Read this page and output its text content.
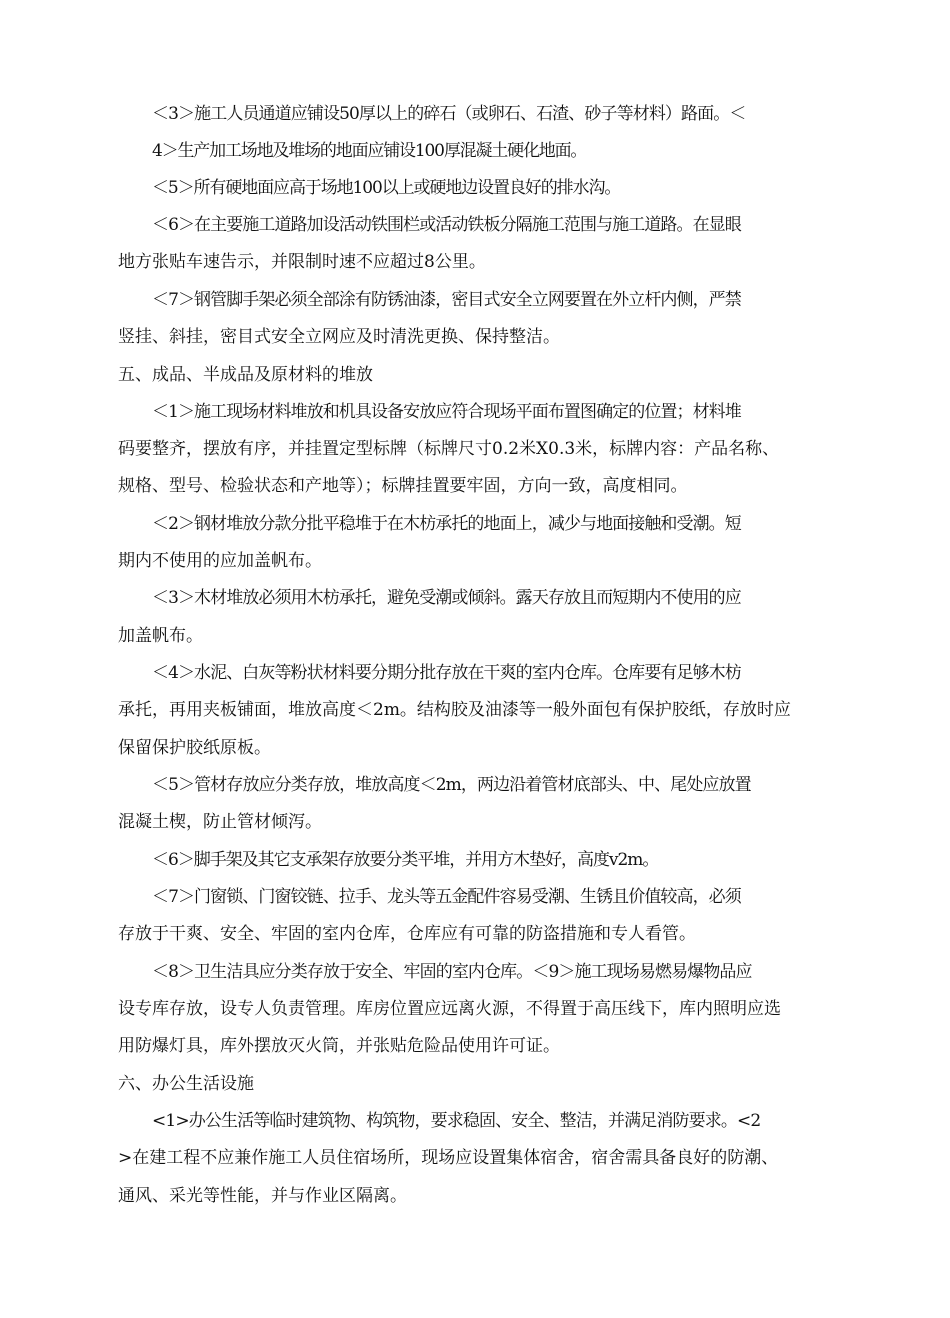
＜3＞施工人员通道应铺设50厚以上的碎石（或卵石、石渣、砂子等材料）路面。＜
4＞生产加工场地及堆场的地面应铺设100厚混凝土硬化地面。
＜5＞所有硬地面应高于场地100以上或硬地边设置良好的排水沟。
＜6＞在主要施工道路加设活动铁围栏或活动铁板分隔施工范围与施工道路。在显眼
地方张贴车速告示，并限制时速不应超过8公里。
＜7＞钢管脚手架必须全部涂有防锈油漆，密目式安全立网要置在外立杆内侧，严禁
竖挂、斜挂，密目式安全立网应及时清洗更换、保持整洁。
五、成品、半成品及原材料的堆放
＜1＞施工现场材料堆放和机具设备安放应符合现场平面布置图确定的位置；材料堆
码要整齐，摆放有序，并挂置定型标牌（标牌尺寸0.2米X0.3米，标牌内容：产品名称、
规格、型号、检验状态和产地等）；标牌挂置要牢固，方向一致，高度相同。
＜2＞钢材堆放分款分批平稳堆于在木枋承托的地面上，减少与地面接触和受潮。短
期内不使用的应加盖帆布。
＜3＞木材堆放必须用木枋承托，避免受潮或倾斜。露天存放且而短期内不使用的应
加盖帆布。
＜4＞水泥、白灰等粉状材料要分期分批存放在干爽的室内仓库。仓库要有足够木枋
承托，再用夹板铺面，堆放高度＜2m。结构胶及油漆等一般外面包有保护胶纸，存放时应
保留保护胶纸原板。
＜5＞管材存放应分类存放，堆放高度＜2m，两边沿着管材底部头、中、尾处应放置
混凝土楔，防止管材倾泻。
＜6＞脚手架及其它支承架存放要分类平堆，并用方木垫好，高度v2m。
＜7＞门窗锁、门窗铰链、拉手、龙头等五金配件容易受潮、生锈且价值较高，必须
存放于干爽、安全、牢固的室内仓库，仓库应有可靠的防盗措施和专人看管。
＜8＞卫生洁具应分类存放于安全、牢固的室内仓库。＜9＞施工现场易燃易爆物品应
设专库存放，设专人负责管理。库房位置应远离火源，不得置于高压线下，库内照明应选
用防爆灯具，库外摆放灭火筒，并张贴危险品使用许可证。
六、办公生活设施
<1>办公生活等临时建筑物、构筑物，要求稳固、安全、整洁，并满足消防要求。<2
>在建工程不应兼作施工人员住宿场所，现场应设置集体宿舍，宿舍需具备良好的防潮、
通风、采光等性能，并与作业区隔离。
